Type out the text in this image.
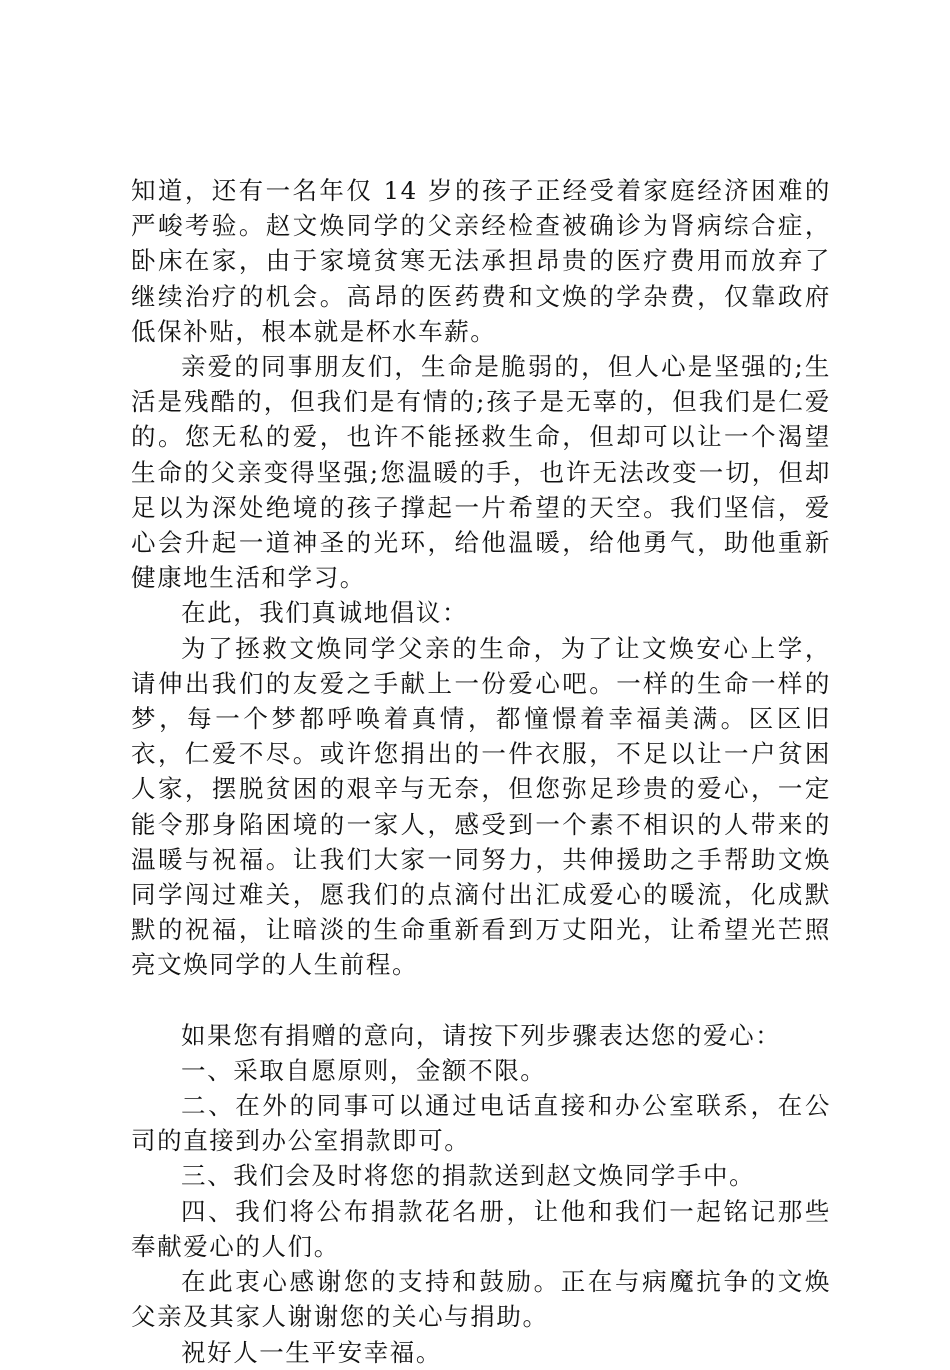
知道，还有一名年仅 14 岁的孩子正经受着家庭经济困难的严峻考验。赵文焕同学的父亲经检查被确诊为肾病综合症，卧床在家，由于家境贫寒无法承担昂贵的医疗费用而放弃了继续治疗的机会。高昂的医药费和文焕的学杂费，仅靠政府低保补贴，根本就是杯水车薪。

亲爱的同事朋友们，生命是脆弱的，但人心是坚强的;生活是残酷的，但我们是有情的;孩子是无辜的，但我们是仁爱的。您无私的爱，也许不能拯救生命，但却可以让一个渴望生命的父亲变得坚强;您温暖的手，也许无法改变一切，但却足以为深处绝境的孩子撑起一片希望的天空。我们坚信，爱心会升起一道神圣的光环，给他温暖，给他勇气，助他重新健康地生活和学习。

在此，我们真诚地倡议：

为了拯救文焕同学父亲的生命，为了让文焕安心上学，请伸出我们的友爱之手献上一份爱心吧。一样的生命一样的梦，每一个梦都呼唤着真情，都憧憬着幸福美满。区区旧衣，仁爱不尽。或许您捐出的一件衣服，不足以让一户贫困人家，摆脱贫困的艰辛与无奈，但您弥足珍贵的爱心，一定能令那身陷困境的一家人，感受到一个素不相识的人带来的温暖与祝福。让我们大家一同努力，共伸援助之手帮助文焕同学闯过难关，愿我们的点滴付出汇成爱心的暖流，化成默默的祝福，让暗淡的生命重新看到万丈阳光，让希望光芒照亮文焕同学的人生前程。

如果您有捐赠的意向，请按下列步骤表达您的爱心：

一、采取自愿原则，金额不限。

二、在外的同事可以通过电话直接和办公室联系，在公司的直接到办公室捐款即可。

三、我们会及时将您的捐款送到赵文焕同学手中。

四、我们将公布捐款花名册，让他和我们一起铭记那些奉献爱心的人们。

在此衷心感谢您的支持和鼓励。正在与病魔抗争的文焕父亲及其家人谢谢您的关心与捐助。

祝好人一生平安幸福。
